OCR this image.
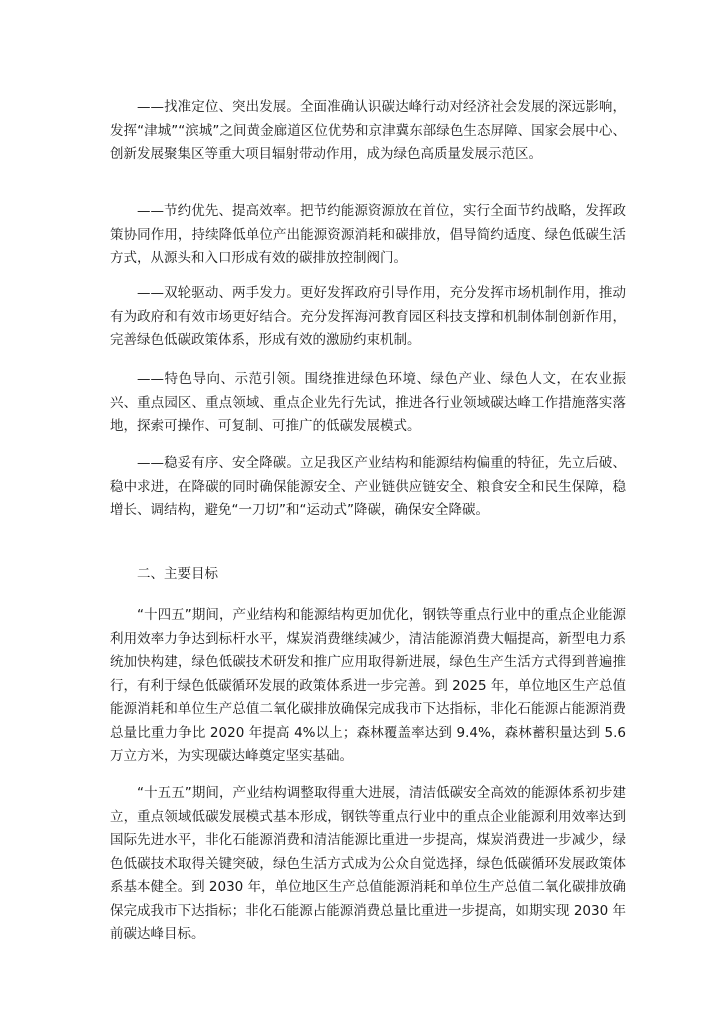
——找准定位、突出发展。全面准确认识碳达峰行动对经济社会发展的深远影响，发挥“津城”“滨城”之间黄金廊道区位优势和京津冀东部绿色生态屏障、国家会展中心、创新发展聚集区等重大项目辐射带动作用，成为绿色高质量发展示范区。

——节约优先、提高效率。把节约能源资源放在首位，实行全面节约战略，发挥政策协同作用，持续降低单位产出能源资源消耗和碳排放，倡导简约适度、绿色低碳生活方式，从源头和入口形成有效的碳排放控制阀门。

——双轮驱动、两手发力。更好发挥政府引导作用，充分发挥市场机制作用，推动有为政府和有效市场更好结合。充分发挥海河教育园区科技支撑和机制体制创新作用，完善绿色低碳政策体系，形成有效的激励约束机制。

——特色导向、示范引领。围绕推进绿色环境、绿色产业、绿色人文，在农业振兴、重点园区、重点领域、重点企业先行先试，推进各行业领域碳达峰工作措施落实落地，探索可操作、可复制、可推广的低碳发展模式。

——稳妥有序、安全降碳。立足我区产业结构和能源结构偏重的特征，先立后破、稳中求进，在降碳的同时确保能源安全、产业链供应链安全、粮食安全和民生保障，稳增长、调结构，避免“一刀切”和“运动式”降碳，确保安全降碳。

二、主要目标

“十四五”期间，产业结构和能源结构更加优化，钢铁等重点行业中的重点企业能源利用效率力争达到标杆水平，煤炭消费继续减少，清洁能源消费大幅提高，新型电力系统加快构建，绿色低碳技术研发和推广应用取得新进展，绿色生产生活方式得到普遍推行，有利于绿色低碳循环发展的政策体系进一步完善。到 2025 年，单位地区生产总值能源消耗和单位生产总值二氧化碳排放确保完成我市下达指标，非化石能源占能源消费总量比重力争比 2020 年提高 4%以上；森林覆盖率达到 9.4%，森林蓄积量达到 5.6 万立方米，为实现碳达峰奠定坚实基础。

“十五五”期间，产业结构调整取得重大进展，清洁低碳安全高效的能源体系初步建立，重点领域低碳发展模式基本形成，钢铁等重点行业中的重点企业能源利用效率达到国际先进水平，非化石能源消费和清洁能源比重进一步提高，煤炭消费进一步减少，绿色低碳技术取得关键突破，绿色生活方式成为公众自觉选择，绿色低碳循环发展政策体系基本健全。到 2030 年，单位地区生产总值能源消耗和单位生产总值二氧化碳排放确保完成我市下达指标；非化石能源占能源消费总量比重进一步提高，如期实现 2030 年前碳达峰目标。
